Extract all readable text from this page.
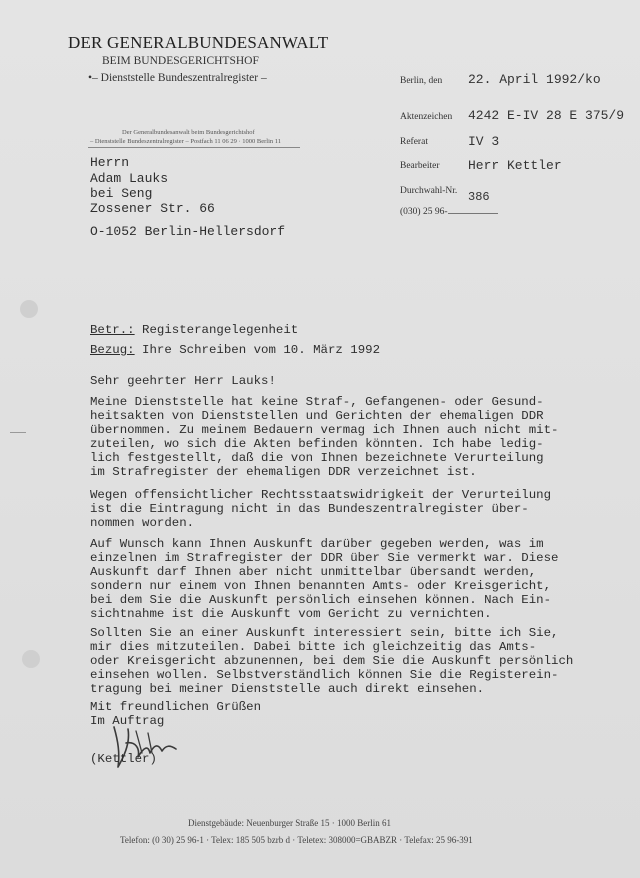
DER GENERALBUNDESANWALT
BEIM BUNDESGERICHTSHOF
•– Dienststelle Bundeszentralregister –
Der Generalbundesanwalt beim Bundesgerichtshof
– Dienststelle Bundeszentralregister – Postfach 11 06 29 · 1000 Berlin 11
Berlin, den 22. April 1992/ko
Aktenzeichen 4242 E-IV 28 E 375/9
Referat	IV 3
Bearbeiter Herr Kettler
Durchwahl-Nr. 386
(030) 25 96-
Herrn
Adam Lauks
bei Seng
Zossener Str. 66
O-1052 Berlin-Hellersdorf
Betr.: Registerangelegenheit
Bezug: Ihre Schreiben vom 10. März 1992
Sehr geehrter Herr Lauks!
Meine Dienststelle hat keine Straf-, Gefangenen- oder Gesund-
heitsakten von Dienststellen und Gerichten der ehemaligen DDR
übernommen. Zu meinem Bedauern vermag ich Ihnen auch nicht mit-
zuteilen, wo sich die Akten befinden könnten. Ich habe ledig-
lich festgestellt, daß die von Ihnen bezeichnete Verurteilung
im Strafregister der ehemaligen DDR verzeichnet ist.
Wegen offensichtlicher Rechtsstaatswidrigkeit der Verurteilung
ist die Eintragung nicht in das Bundeszentralregister über-
nommen worden.
Auf Wunsch kann Ihnen Auskunft darüber gegeben werden, was im
einzelnen im Strafregister der DDR über Sie vermerkt war. Diese
Auskunft darf Ihnen aber nicht unmittelbar übersandt werden,
sondern nur einem von Ihnen benannten Amts- oder Kreisgericht,
bei dem Sie die Auskunft persönlich einsehen können. Nach Ein-
sichtnahme ist die Auskunft vom Gericht zu vernichten.
Sollten Sie an einer Auskunft interessiert sein, bitte ich Sie,
mir dies mitzuteilen. Dabei bitte ich gleichzeitig das Amts-
oder Kreisgericht abzunennen, bei dem Sie die Auskunft persönlich
einsehen wollen. Selbstverständlich können Sie die Registerein-
tragung bei meiner Dienststelle auch direkt einsehen.
Mit freundlichen Grüßen
Im Auftrag
(Kettler)
Dienstgebäude: Neuenburger Straße 15 · 1000 Berlin 61
Telefon: (0 30) 25 96-1 · Telex: 185 505 bzrb d · Teletex: 308000=GBABZR · Telefax: 25 96-391
